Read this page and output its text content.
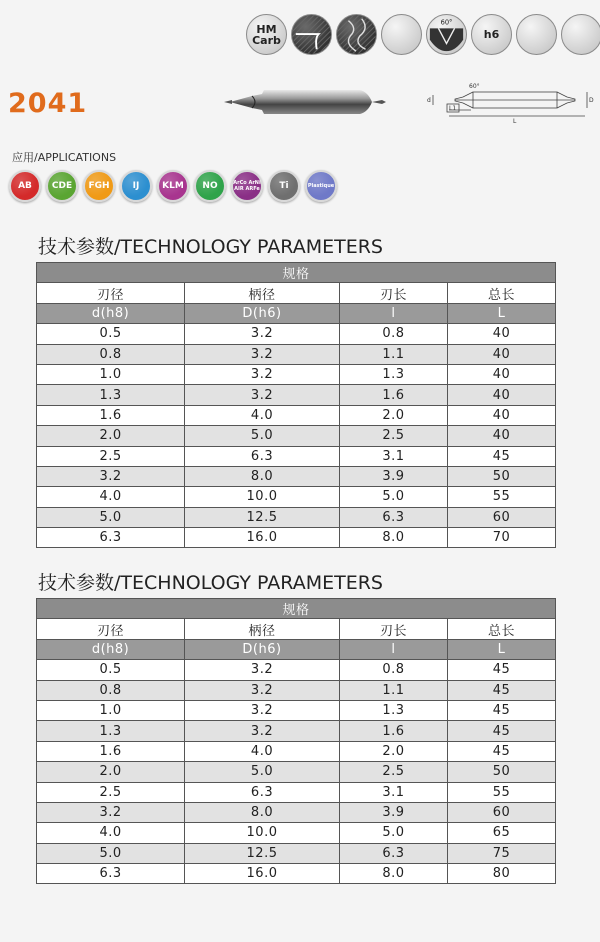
HM
Carb
60°
h6
2041
60°
d	D
L1
L
应用/APPLICATIONS
AB	CDE	FGH	IJ	KLM	NO	ArCo ArNi AIR ARFe	Ti	Plastique
技术参数/TECHNOLOGY PARAMETERS
规格			
刃径	柄径	刃长	总长
d(h8)	D(h6)	l	L
0.5	3.2	0.8	40
0.8	3.2	1.1	40
1.0	3.2	1.3	40
1.3	3.2	1.6	40
1.6	4.0	2.0	40
2.0	5.0	2.5	40
2.5	6.3	3.1	45
3.2	8.0	3.9	50
4.0	10.0	5.0	55
5.0	12.5	6.3	60
6.3	16.0	8.0	70
技术参数/TECHNOLOGY PARAMETERS
规格			
刃径	柄径	刃长	总长
d(h8)	D(h6)	l	L
0.5	3.2	0.8	45
0.8	3.2	1.1	45
1.0	3.2	1.3	45
1.3	3.2	1.6	45
1.6	4.0	2.0	45
2.0	5.0	2.5	50
2.5	6.3	3.1	55
3.2	8.0	3.9	60
4.0	10.0	5.0	65
5.0	12.5	6.3	75
6.3	16.0	8.0	80
